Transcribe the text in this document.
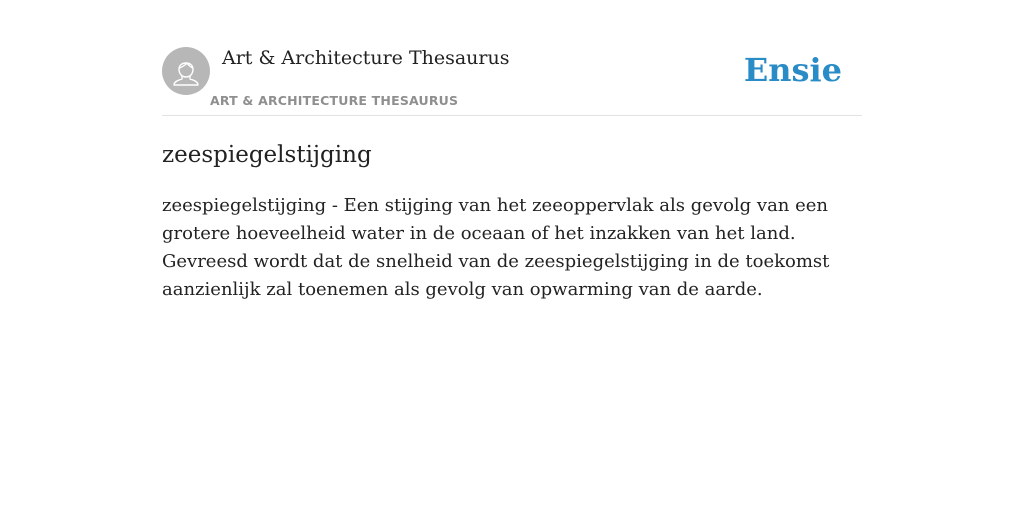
Art & Architecture Thesaurus
ART & ARCHITECTURE THESAURUS
Ensie
zeespiegelstijging

zeespiegelstijging - Een stijging van het zeeoppervlak als gevolg van een grotere hoeveelheid water in de oceaan of het inzakken van het land. Gevreesd wordt dat de snelheid van de zeespiegelstijging in de toekomst aanzienlijk zal toenemen als gevolg van opwarming van de aarde.
